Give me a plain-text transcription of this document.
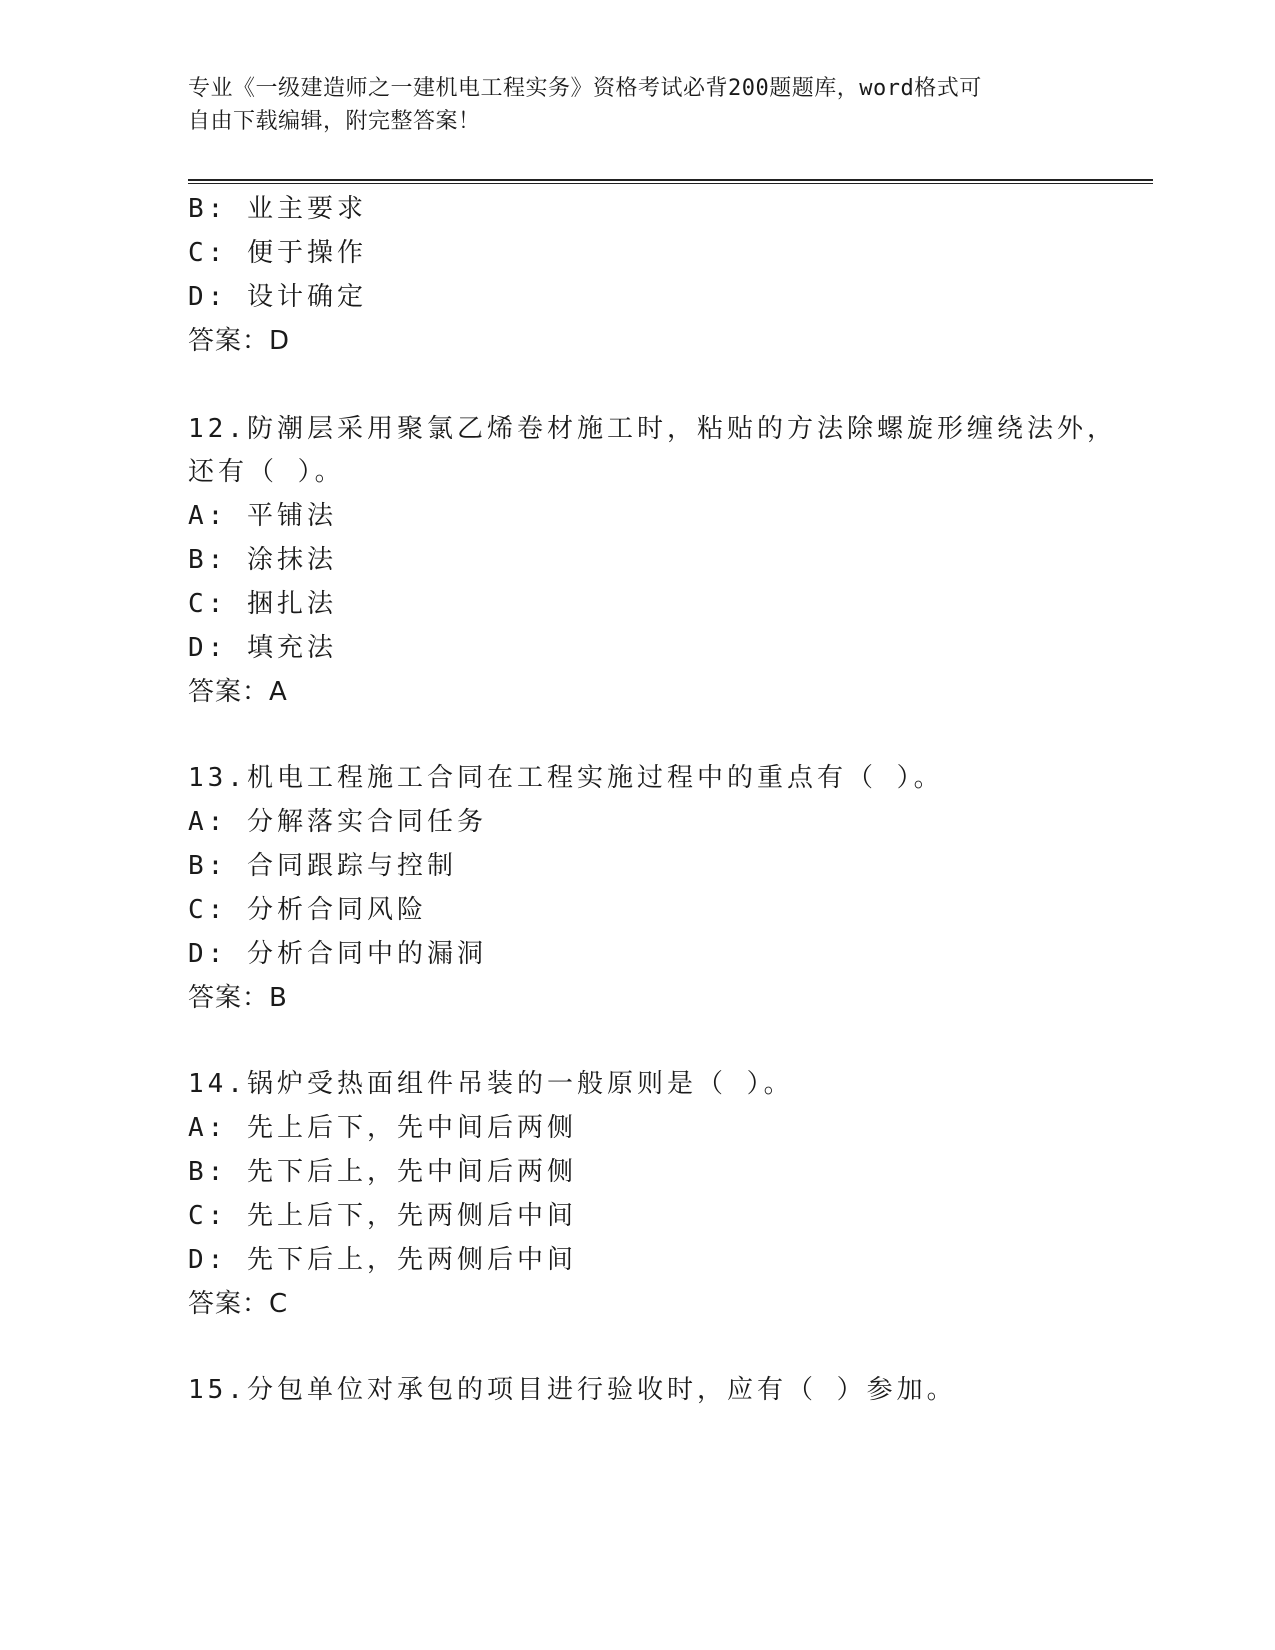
专业《一级建造师之一建机电工程实务》资格考试必背200题题库，word格式可
自由下载编辑，附完整答案！
B: 业主要求
C: 便于操作
D: 设计确定
答案：D
12.防潮层采用聚氯乙烯卷材施工时，粘贴的方法除螺旋形缠绕法外，
还有（ ）。
A: 平铺法
B: 涂抹法
C: 捆扎法
D: 填充法
答案：A
13.机电工程施工合同在工程实施过程中的重点有（ ）。
A: 分解落实合同任务
B: 合同跟踪与控制
C: 分析合同风险
D: 分析合同中的漏洞
答案：B
14.锅炉受热面组件吊装的一般原则是（ ）。
A: 先上后下，先中间后两侧
B: 先下后上，先中间后两侧
C: 先上后下，先两侧后中间
D: 先下后上，先两侧后中间
答案：C
15.分包单位对承包的项目进行验收时，应有（ ）参加。
